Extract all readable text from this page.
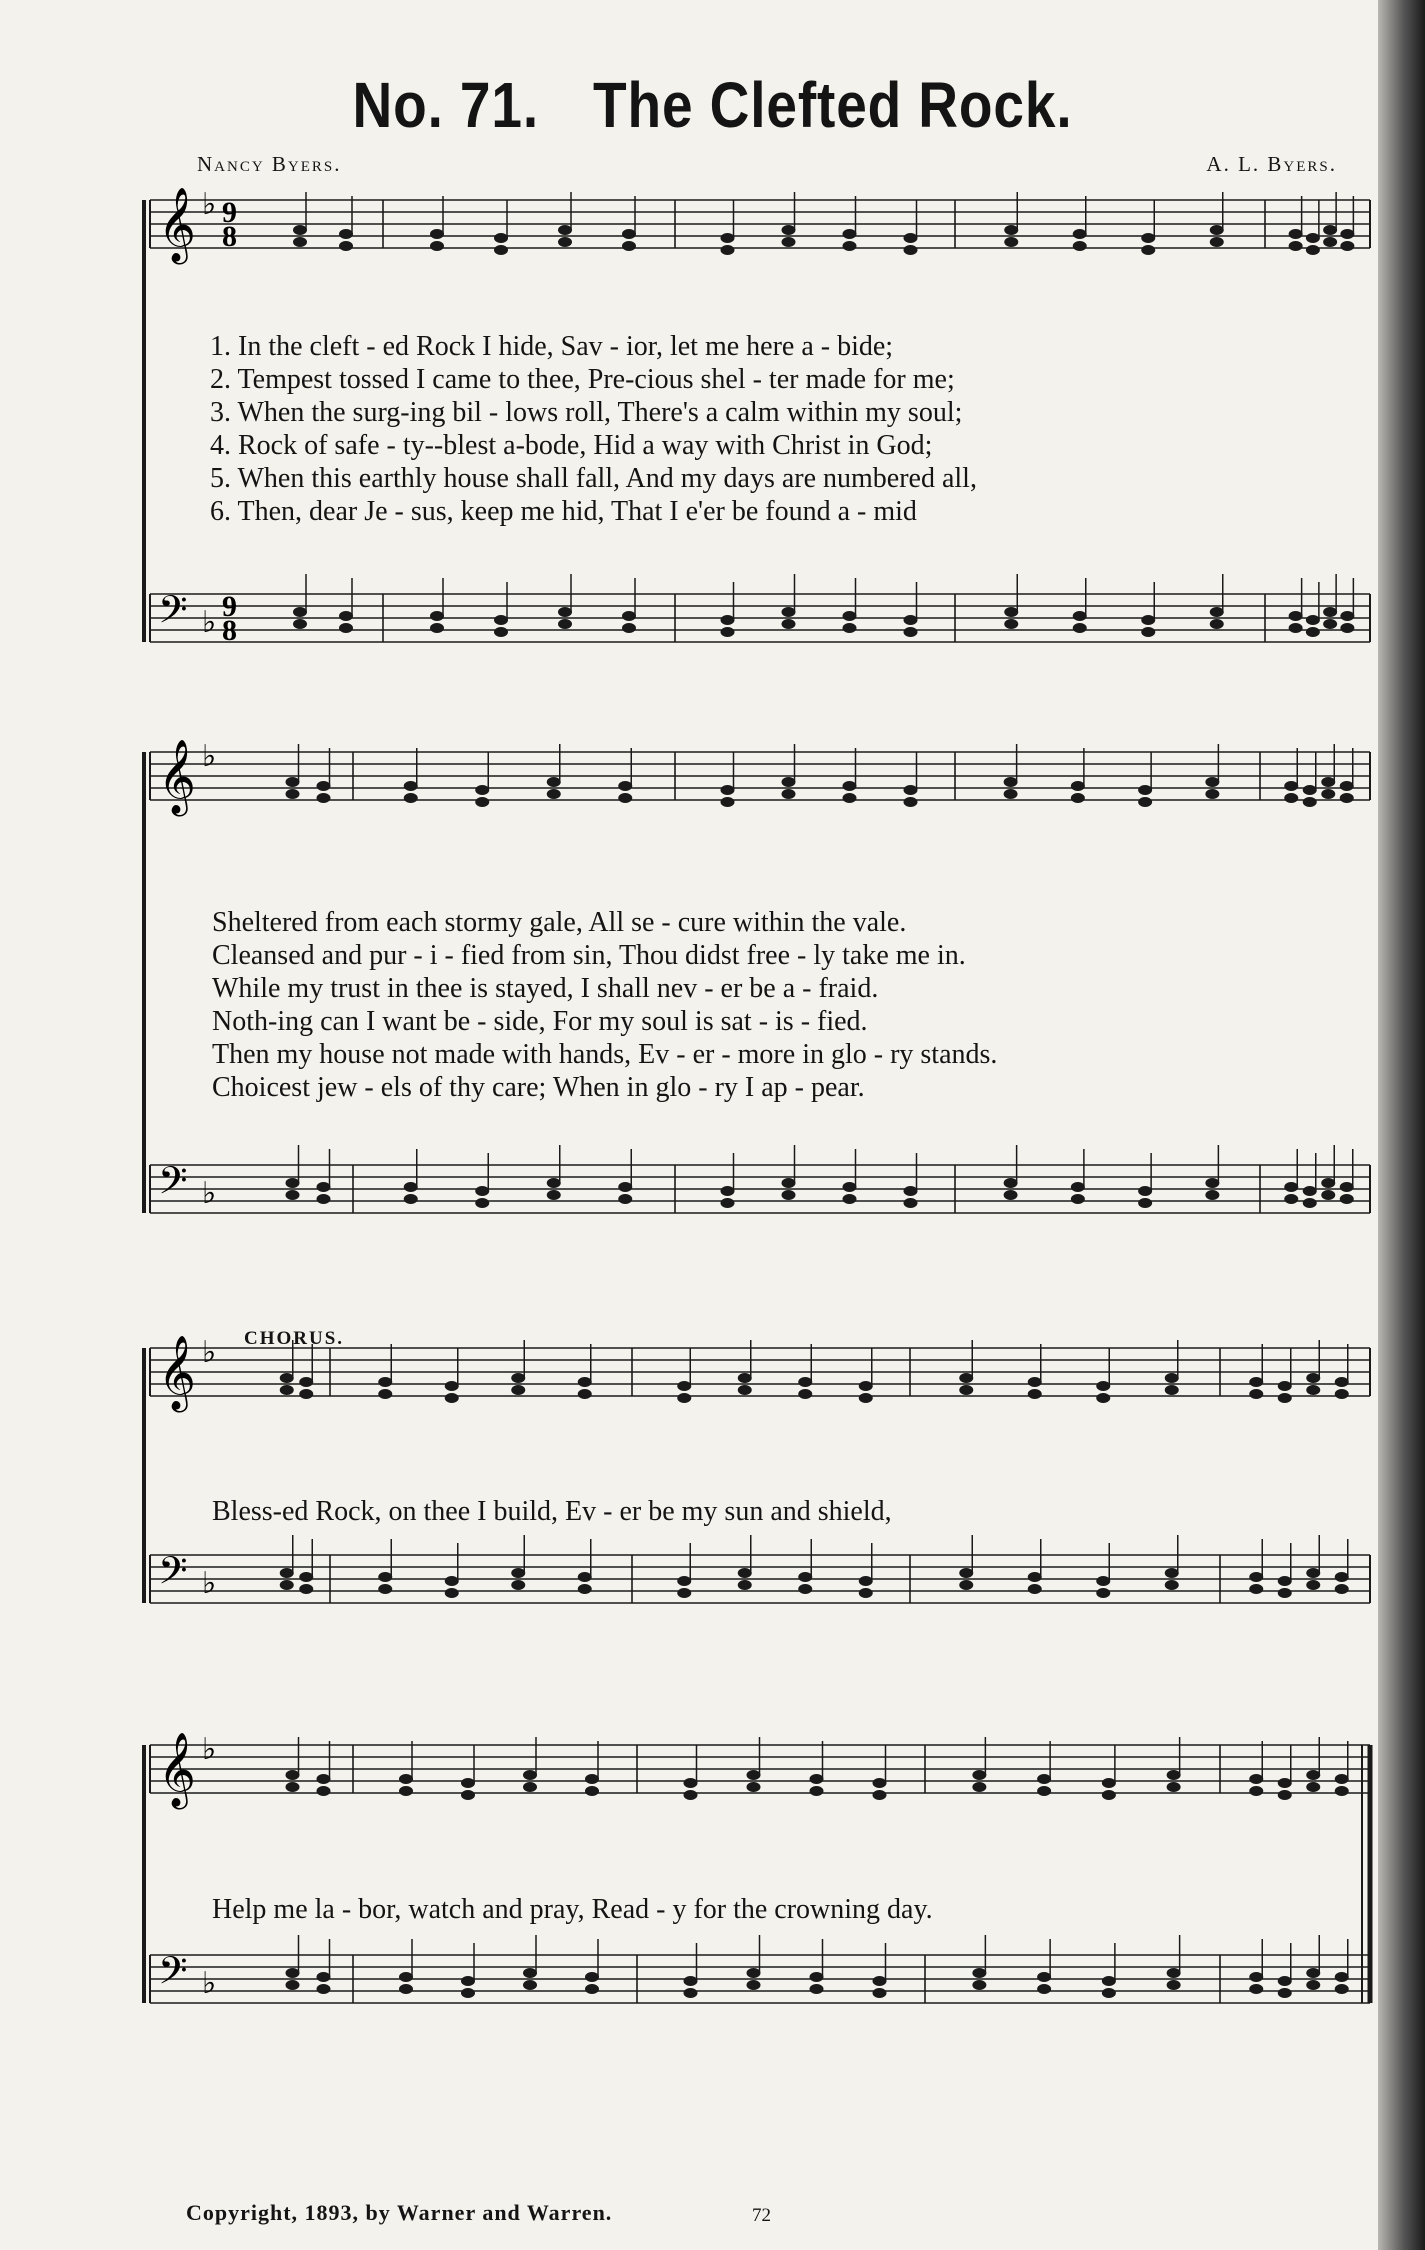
No. 71. The Clefted Rock.
Nancy Byers.	A. L. Byers.
𝄞 ♭ 9
8
𝄢 ♭ 9
8
𝄞 ♭
𝄢 ♭
𝄞 ♭
𝄢 ♭
𝄞 ♭
𝄢 ♭
CHORUS.
1. In the cleft - ed Rock I hide, Sav - ior, let me here a - bide;
2. Tempest tossed I came to thee, Pre-cious shel - ter made for me;
3. When the surg-ing bil - lows roll, There's a calm within my soul;
4. Rock of safe - ty--blest a-bode, Hid a way with Christ in God;
5. When this earthly house shall fall, And my days are numbered all,
6. Then, dear Je - sus, keep me hid, That I e'er be found a - mid
Sheltered from each stormy gale, All se - cure within the vale.
Cleansed and pur - i - fied from sin, Thou didst free - ly take me in.
While my trust in thee is stayed, I shall nev - er be a - fraid.
Noth-ing can I want be - side, For my soul is sat - is - fied.
Then my house not made with hands, Ev - er - more in glo - ry stands.
Choicest jew - els of thy care; When in glo - ry I ap - pear.
Bless-ed Rock, on thee I build, Ev - er be my sun and shield,
Help me la - bor, watch and pray, Read - y for the crowning day.
Copyright, 1893, by Warner and Warren.	72
